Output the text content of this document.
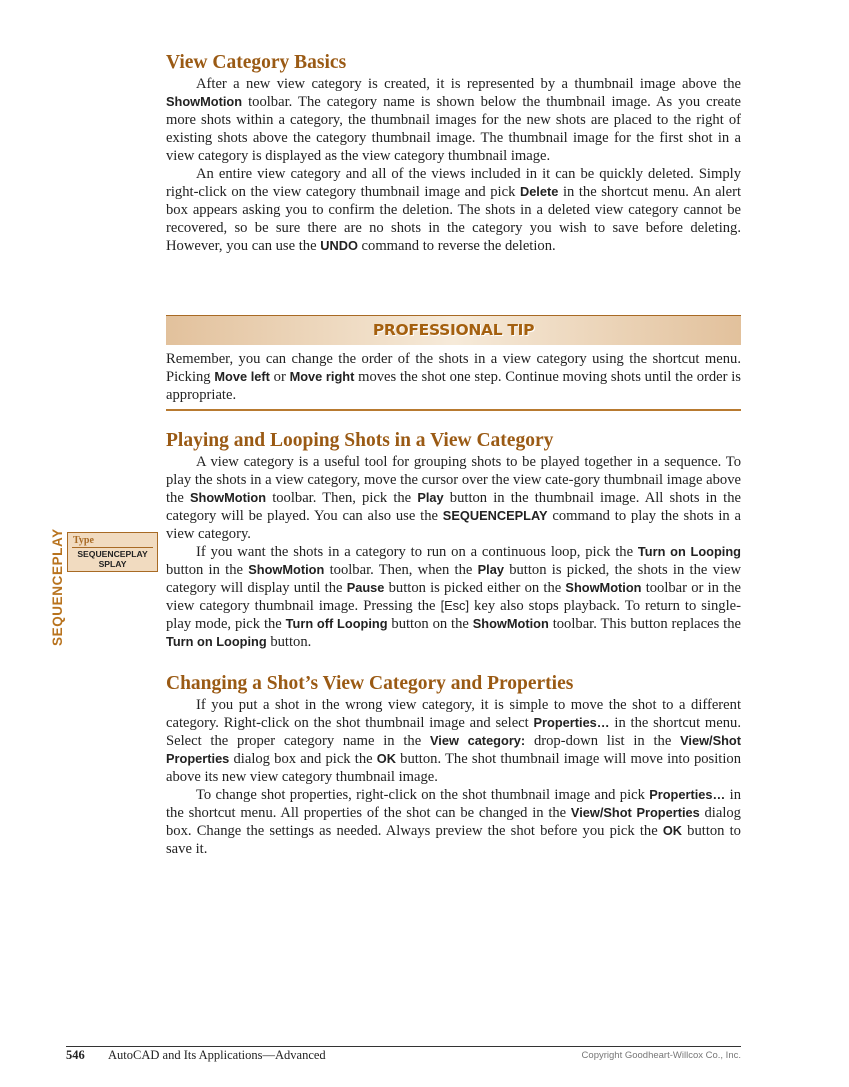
View Category Basics

After a new view category is created, it is represented by a thumbnail image above the ShowMotion toolbar. The category name is shown below the thumbnail image. As you create more shots within a category, the thumbnail images for the new shots are placed to the right of existing shots above the category thumbnail image. The thumbnail image for the first shot in a view category is displayed as the view category thumbnail image.

An entire view category and all of the views included in it can be quickly deleted. Simply right-click on the view category thumbnail image and pick Delete in the shortcut menu. An alert box appears asking you to confirm the deletion. The shots in a deleted view category cannot be recovered, so be sure there are no shots in the category you wish to save before deleting. However, you can use the UNDO command to reverse the deletion.

PROFESSIONAL TIP

Remember, you can change the order of the shots in a view category using the shortcut menu. Picking Move left or Move right moves the shot one step. Continue moving shots until the order is appropriate.

Playing and Looping Shots in a View Category

A view category is a useful tool for grouping shots to be played together in a sequence. To play the shots in a view category, move the cursor over the view cate-gory thumbnail image above the ShowMotion toolbar. Then, pick the Play button in the thumbnail image. All shots in the category will be played. You can also use the SEQUENCEPLAY command to play the shots in a view category.

If you want the shots in a category to run on a continuous loop, pick the Turn on Looping button in the ShowMotion toolbar. Then, when the Play button is picked, the shots in the view category will display until the Pause button is picked either on the ShowMotion toolbar or in the view category thumbnail image. Pressing the [Esc] key also stops playback. To return to single-play mode, pick the Turn off Looping button on the ShowMotion toolbar. This button replaces the Turn on Looping button.

Changing a Shot’s View Category and Properties

If you put a shot in the wrong view category, it is simple to move the shot to a different category. Right-click on the shot thumbnail image and select Properties… in the shortcut menu. Select the proper category name in the View category: drop-down list in the View/Shot Properties dialog box and pick the OK button. The shot thumbnail image will move into position above its new view category thumbnail image.

To change shot properties, right-click on the shot thumbnail image and pick Properties… in the shortcut menu. All properties of the shot can be changed in the View/Shot Properties dialog box. Change the settings as needed. Always preview the shot before you pick the OK button to save it.

SEQUENCEPLAY Type
SEQUENCEPLAY
SPLAY
546 AutoCAD and Its Applications—Advanced	Copyright Goodheart-Willcox Co., Inc.
